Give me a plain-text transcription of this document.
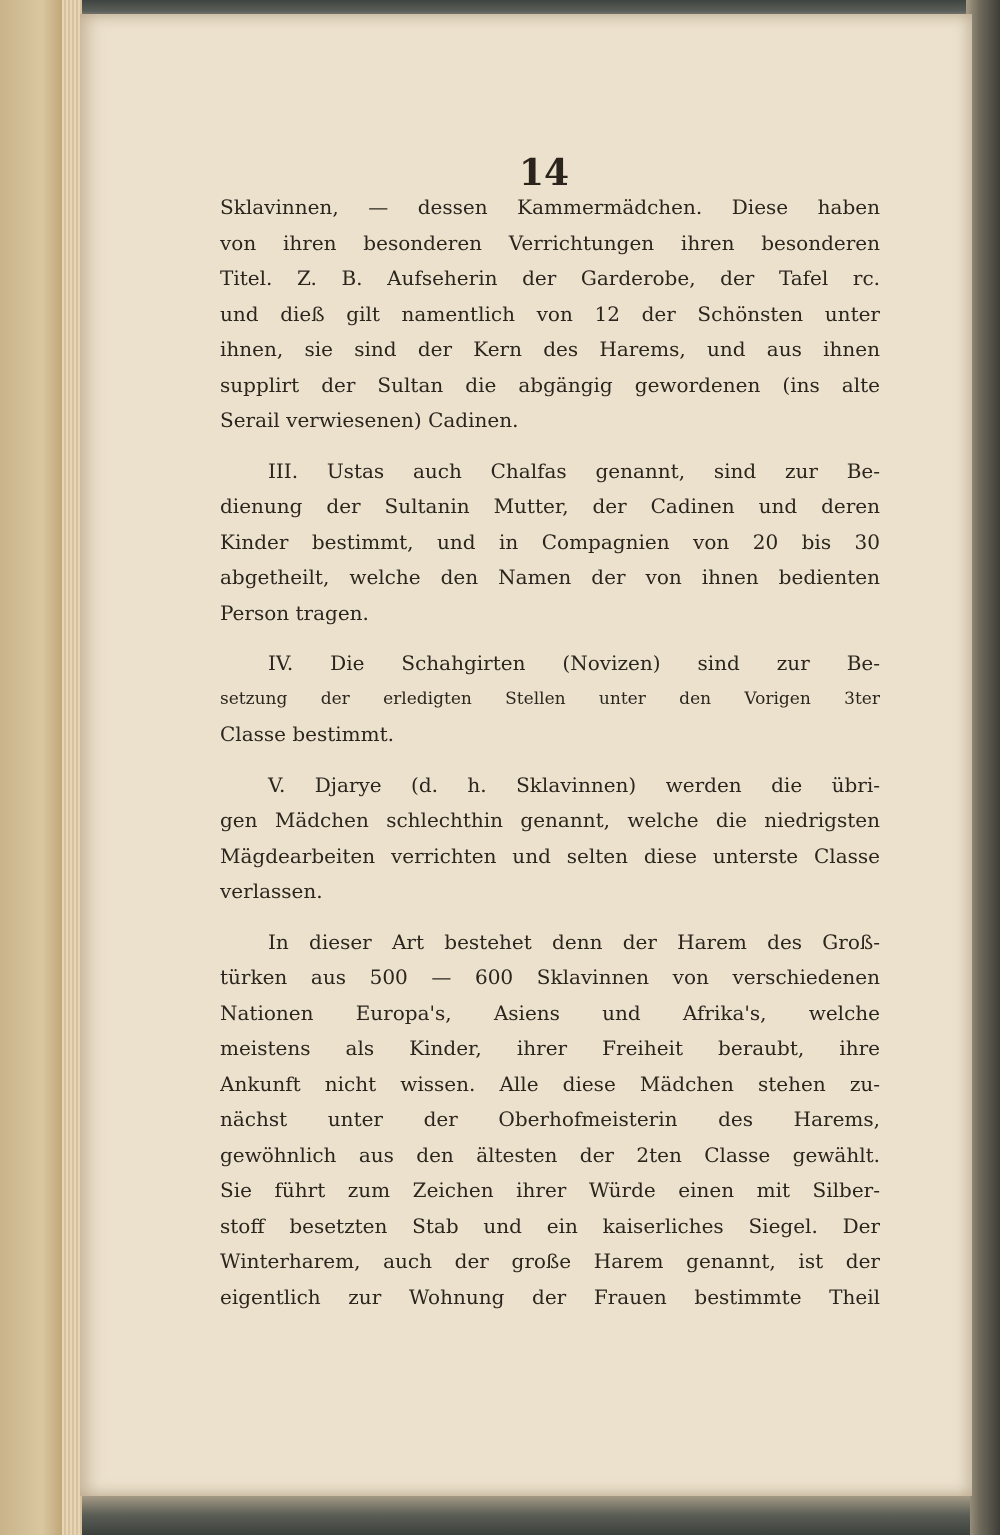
14
Sklavinnen, — dessen Kammermädchen. Diese haben
von ihren besonderen Verrichtungen ihren besonderen
Titel. Z. B. Aufseherin der Garderobe, der Tafel rc.
und dieß gilt namentlich von 12 der Schönsten unter
ihnen, sie sind der Kern des Harems, und aus ihnen
supplirt der Sultan die abgängig gewordenen (ins alte
Serail verwiesenen) Cadinen.
III. Ustas auch Chalfas genannt, sind zur Be-
dienung der Sultanin Mutter, der Cadinen und deren
Kinder bestimmt, und in Compagnien von 20 bis 30
abgetheilt, welche den Namen der von ihnen bedienten
Person tragen.
IV. Die Schahgirten (Novizen) sind zur Be-
setzung der erledigten Stellen unter den Vorigen 3ter
Classe bestimmt.
V. Djarye (d. h. Sklavinnen) werden die übri-
gen Mädchen schlechthin genannt, welche die niedrigsten
Mägdearbeiten verrichten und selten diese unterste Classe
verlassen.
In dieser Art bestehet denn der Harem des Groß-
türken aus 500 — 600 Sklavinnen von verschiedenen
Nationen Europa's, Asiens und Afrika's, welche
meistens als Kinder, ihrer Freiheit beraubt, ihre
Ankunft nicht wissen. Alle diese Mädchen stehen zu-
nächst unter der Oberhofmeisterin des Harems,
gewöhnlich aus den ältesten der 2ten Classe gewählt.
Sie führt zum Zeichen ihrer Würde einen mit Silber-
stoff besetzten Stab und ein kaiserliches Siegel. Der
Winterharem, auch der große Harem genannt, ist der
eigentlich zur Wohnung der Frauen bestimmte Theil
